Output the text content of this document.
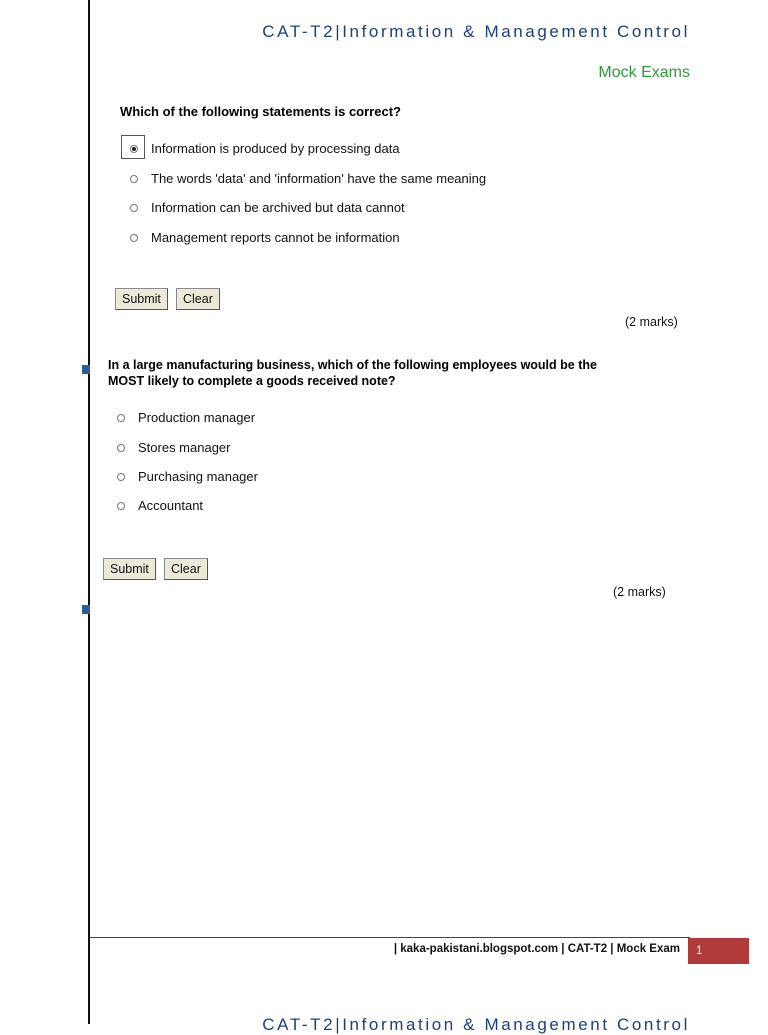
CAT-T2|Information & Management Control
Mock Exams
Which of the following statements is correct?
Information is produced by processing data
The words 'data' and 'information' have the same meaning
Information can be archived but data cannot
Management reports cannot be information
Submit	Clear
(2 marks)
In a large manufacturing business, which of the following employees would be the MOST likely to complete a goods received note?
Production manager
Stores manager
Purchasing manager
Accountant
Submit	Clear
(2 marks)
| kaka-pakistani.blogspot.com | CAT-T2 | Mock Exam	1
CAT-T2|Information & Management Control
